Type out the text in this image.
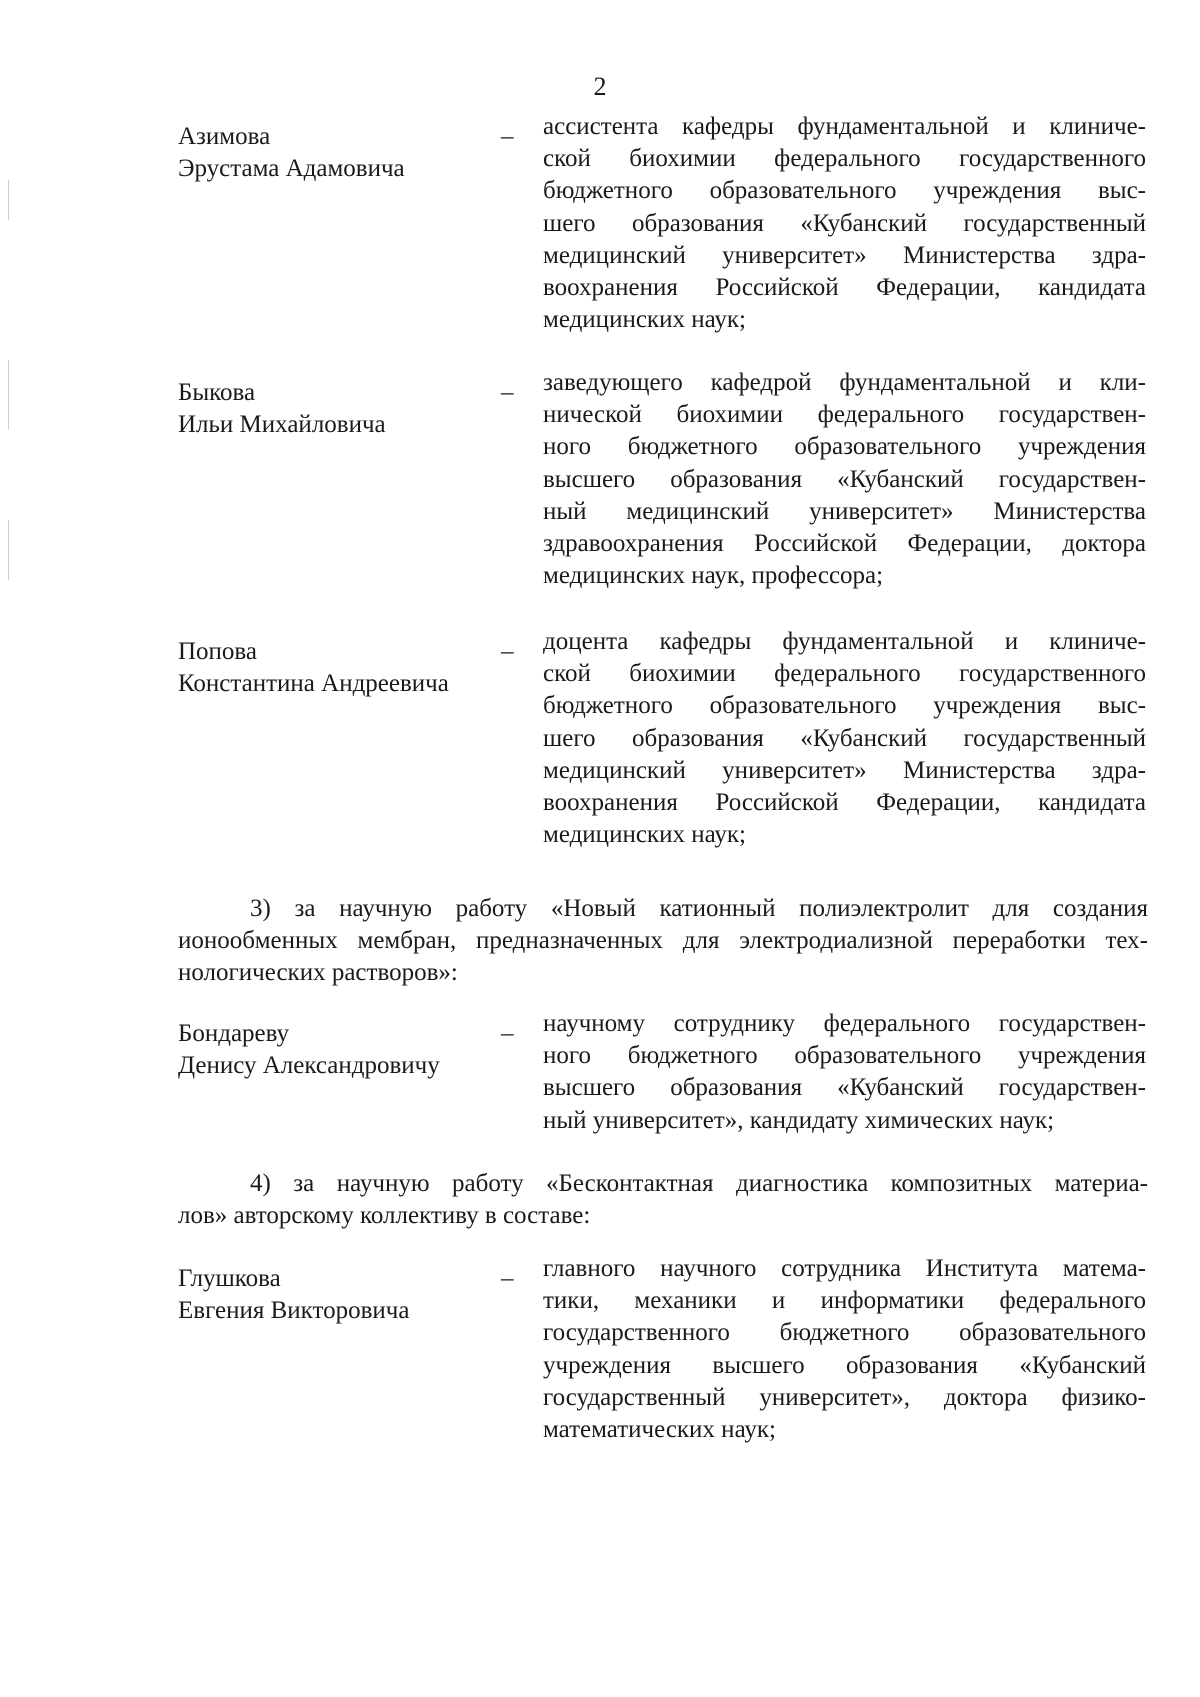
2
Азимова
Эрустама Адамовича
– ассистента кафедры фундаментальной и клиниче-
ской биохимии федерального государственного
бюджетного образовательного учреждения выс-
шего образования «Кубанский государственный
медицинский университет» Министерства здра-
воохранения Российской Федерации, кандидата
медицинских наук;
Быкова
Ильи Михайловича
– заведующего кафедрой фундаментальной и кли-
нической биохимии федерального государствен-
ного бюджетного образовательного учреждения
высшего образования «Кубанский государствен-
ный медицинский университет» Министерства
здравоохранения Российской Федерации, доктора
медицинских наук, профессора;
Попова
Константина Андреевича
– доцента кафедры фундаментальной и клиниче-
ской биохимии федерального государственного
бюджетного образовательного учреждения выс-
шего образования «Кубанский государственный
медицинский университет» Министерства здра-
воохранения Российской Федерации, кандидата
медицинских наук;
3) за научную работу «Новый катионный полиэлектролит для создания
ионообменных мембран, предназначенных для электродиализной переработки тех-
нологических растворов»:
Бондареву
Денису Александровичу
– научному сотруднику федерального государствен-
ного бюджетного образовательного учреждения
высшего образования «Кубанский государствен-
ный университет», кандидату химических наук;
4) за научную работу «Бесконтактная диагностика композитных материа-
лов» авторскому коллективу в составе:
Глушкова
Евгения Викторовича
– главного научного сотрудника Института матема-
тики, механики и информатики федерального
государственного бюджетного образовательного
учреждения высшего образования «Кубанский
государственный университет», доктора физико-
математических наук;
